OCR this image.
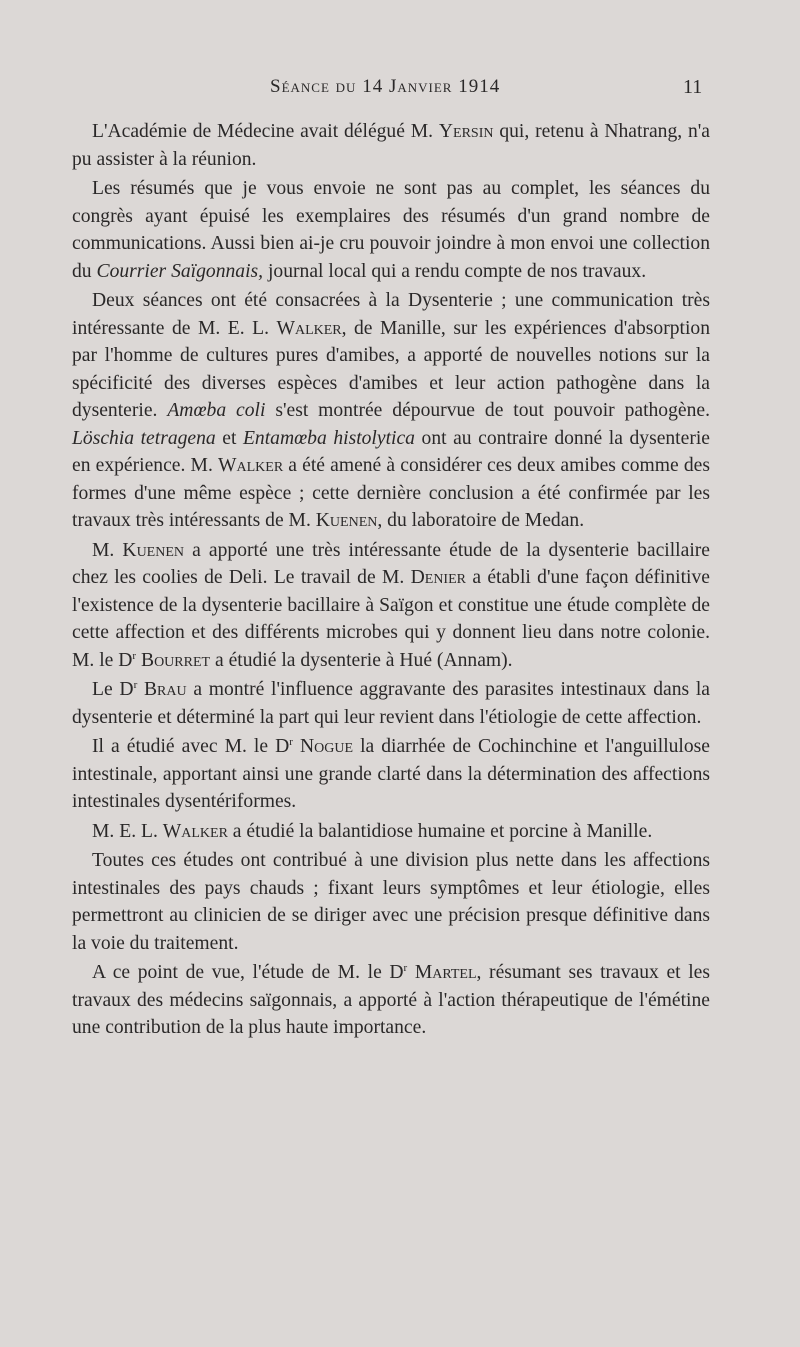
Séance du 14 Janvier 1914	11

L'Académie de Médecine avait délégué M. Yersin qui, retenu à Nhatrang, n'a pu assister à la réunion.

Les résumés que je vous envoie ne sont pas au complet, les séances du congrès ayant épuisé les exemplaires des résumés d'un grand nombre de communications. Aussi bien ai-je cru pouvoir joindre à mon envoi une collection du Courrier Saïgonnais, journal local qui a rendu compte de nos travaux.

Deux séances ont été consacrées à la Dysenterie ; une communication très intéressante de M. E. L. Walker, de Manille, sur les expériences d'absorption par l'homme de cultures pures d'amibes, a apporté de nouvelles notions sur la spécificité des diverses espèces d'amibes et leur action pathogène dans la dysenterie. Amœba coli s'est montrée dépourvue de tout pouvoir pathogène. Löschia tetragena et Entamœba histolytica ont au contraire donné la dysenterie en expérience. M. Walker a été amené à considérer ces deux amibes comme des formes d'une même espèce ; cette dernière conclusion a été confirmée par les travaux très intéressants de M. Kuenen, du laboratoire de Medan.

M. Kuenen a apporté une très intéressante étude de la dysenterie bacillaire chez les coolies de Deli. Le travail de M. Denier a établi d'une façon définitive l'existence de la dysenterie bacillaire à Saïgon et constitue une étude complète de cette affection et des différents microbes qui y donnent lieu dans notre colonie. M. le $D^r$ Bourret a étudié la dysenterie à Hué (Annam).

Le $D^r$ Brau a montré l'influence aggravante des parasites intestinaux dans la dysenterie et déterminé la part qui leur revient dans l'étiologie de cette affection.

Il a étudié avec M. le $D^r$ Nogue la diarrhée de Cochinchine et l'anguillulose intestinale, apportant ainsi une grande clarté dans la détermination des affections intestinales dysentériformes.

M. E. L. Walker a étudié la balantidiose humaine et porcine à Manille.

Toutes ces études ont contribué à une division plus nette dans les affections intestinales des pays chauds ; fixant leurs symptômes et leur étiologie, elles permettront au clinicien de se diriger avec une précision presque définitive dans la voie du traitement.

A ce point de vue, l'étude de M. le $D^r$ Martel, résumant ses travaux et les travaux des médecins saïgonnais, a apporté à l'action thérapeutique de l'émétine une contribution de la plus haute importance.
